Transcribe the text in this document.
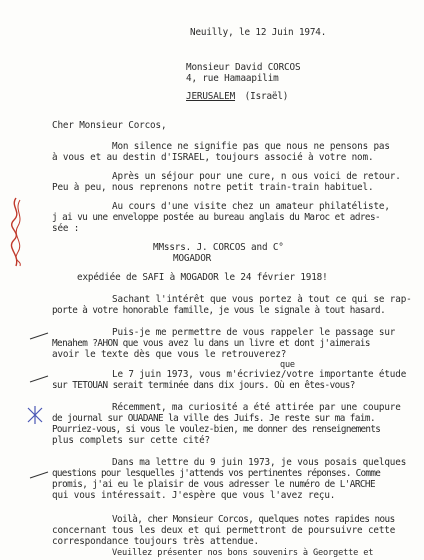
Neuilly, le 12 Juin 1974.
Monsieur David CORCOS
4, rue Hamaapilim
JERUSALEM (Israël)
Cher Monsieur Corcos,
Mon silence ne signifie pas que nous ne pensons pas
à vous et au destin d'ISRAEL, toujours associé à votre nom.
Après un séjour pour une cure, n ous voici de retour.
Peu à peu, nous reprenons notre petit train-train habituel.
Au cours d'une visite chez un amateur philatéliste,
j ai vu une enveloppe postée au bureau anglais du Maroc et adres-
sée :
MMssrs. J. CORCOS and C°
MOGADOR
expédiée de SAFI à MOGADOR le 24 février 1918!
Sachant l'intérêt que vous portez à tout ce qui se rap-
porte à votre honorable famille, je vous le signale à tout hasard.
Puis-je me permettre de vous rappeler le passage sur
Menahem ?AHON que vous avez lu dans un livre et dont j'aimerais
avoir le texte dès que vous le retrouverez?
que
Le 7 juin 1973, vous m'écriviez/votre importante étude
sur TETOUAN serait terminée dans dix jours. Où en êtes-vous?
Récemment, ma curiosité a été attirée par une coupure
de journal sur OUADANE la ville des Juifs. Je reste sur ma faim.
Pourriez-vous, si vous le voulez-bien, me donner des renseignements
plus complets sur cette cité?
Dans ma lettre du 9 juin 1973, je vous posais quelques
questions pour lesquelles j'attends vos pertinentes réponses. Comme
promis, j'ai eu le plaisir de vous adresser le numéro de L'ARCHE
qui vous intéressait. J'espère que vous l'avez reçu.
Voilà, cher Monsieur Corcos, quelques notes rapides nous
concernant tous les deux et qui permettront de poursuivre cette
correspondance toujours très attendue.
Veuillez présenter nos bons souvenirs à Georgette et
